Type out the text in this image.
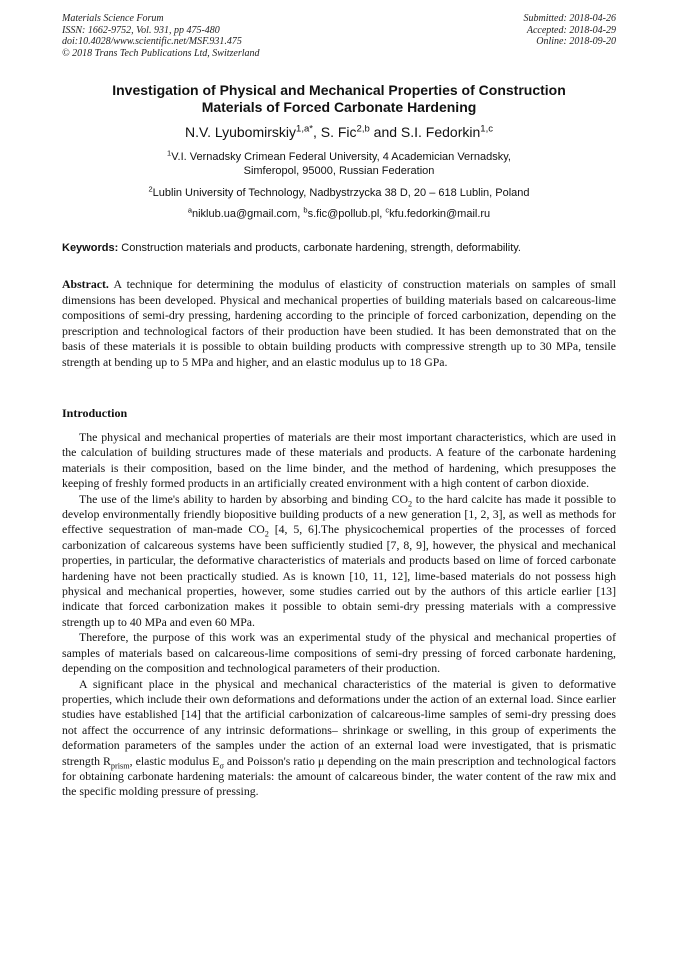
Materials Science Forum
ISSN: 1662-9752, Vol. 931, pp 475-480
doi:10.4028/www.scientific.net/MSF.931.475
© 2018 Trans Tech Publications Ltd, Switzerland
Submitted: 2018-04-26
Accepted: 2018-04-29
Online: 2018-09-20
Investigation of Physical and Mechanical Properties of Construction
Materials of Forced Carbonate Hardening
N.V. Lyubomirskiy$^{1,a*}$, S. Fic$^{2,b}$ and S.I. Fedorkin$^{1,c}$
$^1$V.I. Vernadsky Crimean Federal University, 4 Academician Vernadsky,
Simferopol, 95000, Russian Federation
$^2$Lublin University of Technology, Nadbystrzycka 38 D, 20 – 618 Lublin, Poland
$^a$niklub.ua@gmail.com, $^b$s.fic@pollub.pl, $^c$kfu.fedorkin@mail.ru
Keywords: Construction materials and products, carbonate hardening, strength, deformability.
Abstract. A technique for determining the modulus of elasticity of construction materials on samples of small dimensions has been developed. Physical and mechanical properties of building materials based on calcareous-lime compositions of semi-dry pressing, hardening according to the principle of forced carbonization, depending on the prescription and technological factors of their production have been studied. It has been demonstrated that on the basis of these materials it is possible to obtain building products with compressive strength up to 30 MPa, tensile strength at bending up to 5 MPa and higher, and an elastic modulus up to 18 GPa.
Introduction

The physical and mechanical properties of materials are their most important characteristics, which are used in the calculation of building structures made of these materials and products. A feature of the carbonate hardening materials is their composition, based on the lime binder, and the method of hardening, which presupposes the keeping of freshly formed products in an artificially created environment with a high content of carbon dioxide.

The use of the lime's ability to harden by absorbing and binding $CO_2$ to the hard calcite has made it possible to develop environmentally friendly biopositive building products of a new generation [1, 2, 3], as well as methods for effective sequestration of man-made $CO_2$ [4, 5, 6].The physicochemical properties of the processes of forced carbonization of calcareous systems have been sufficiently studied [7, 8, 9], however, the physical and mechanical properties, in particular, the deformative characteristics of materials and products based on lime of forced carbonate hardening have not been practically studied. As is known [10, 11, 12], lime-based materials do not possess high physical and mechanical properties, however, some studies carried out by the authors of this article earlier [13] indicate that forced carbonization makes it possible to obtain semi-dry pressing materials with a compressive strength up to 40 MPa and even 60 MPa.

Therefore, the purpose of this work was an experimental study of the physical and mechanical properties of samples of materials based on calcareous-lime compositions of semi-dry pressing of forced carbonate hardening, depending on the composition and technological parameters of their production.

A significant place in the physical and mechanical characteristics of the material is given to deformative properties, which include their own deformations and deformations under the action of an external load. Since earlier studies have established [14] that the artificial carbonization of calcareous-lime samples of semi-dry pressing does not affect the occurrence of any intrinsic deformations– shrinkage or swelling, in this group of experiments the deformation parameters of the samples under the action of an external load were investigated, that is prismatic strength $R_{prism}$, elastic modulus $E_\sigma$ and Poisson's ratio μ depending on the main prescription and technological factors for obtaining carbonate hardening materials: the amount of calcareous binder, the water content of the raw mix and the specific molding pressure of pressing.
